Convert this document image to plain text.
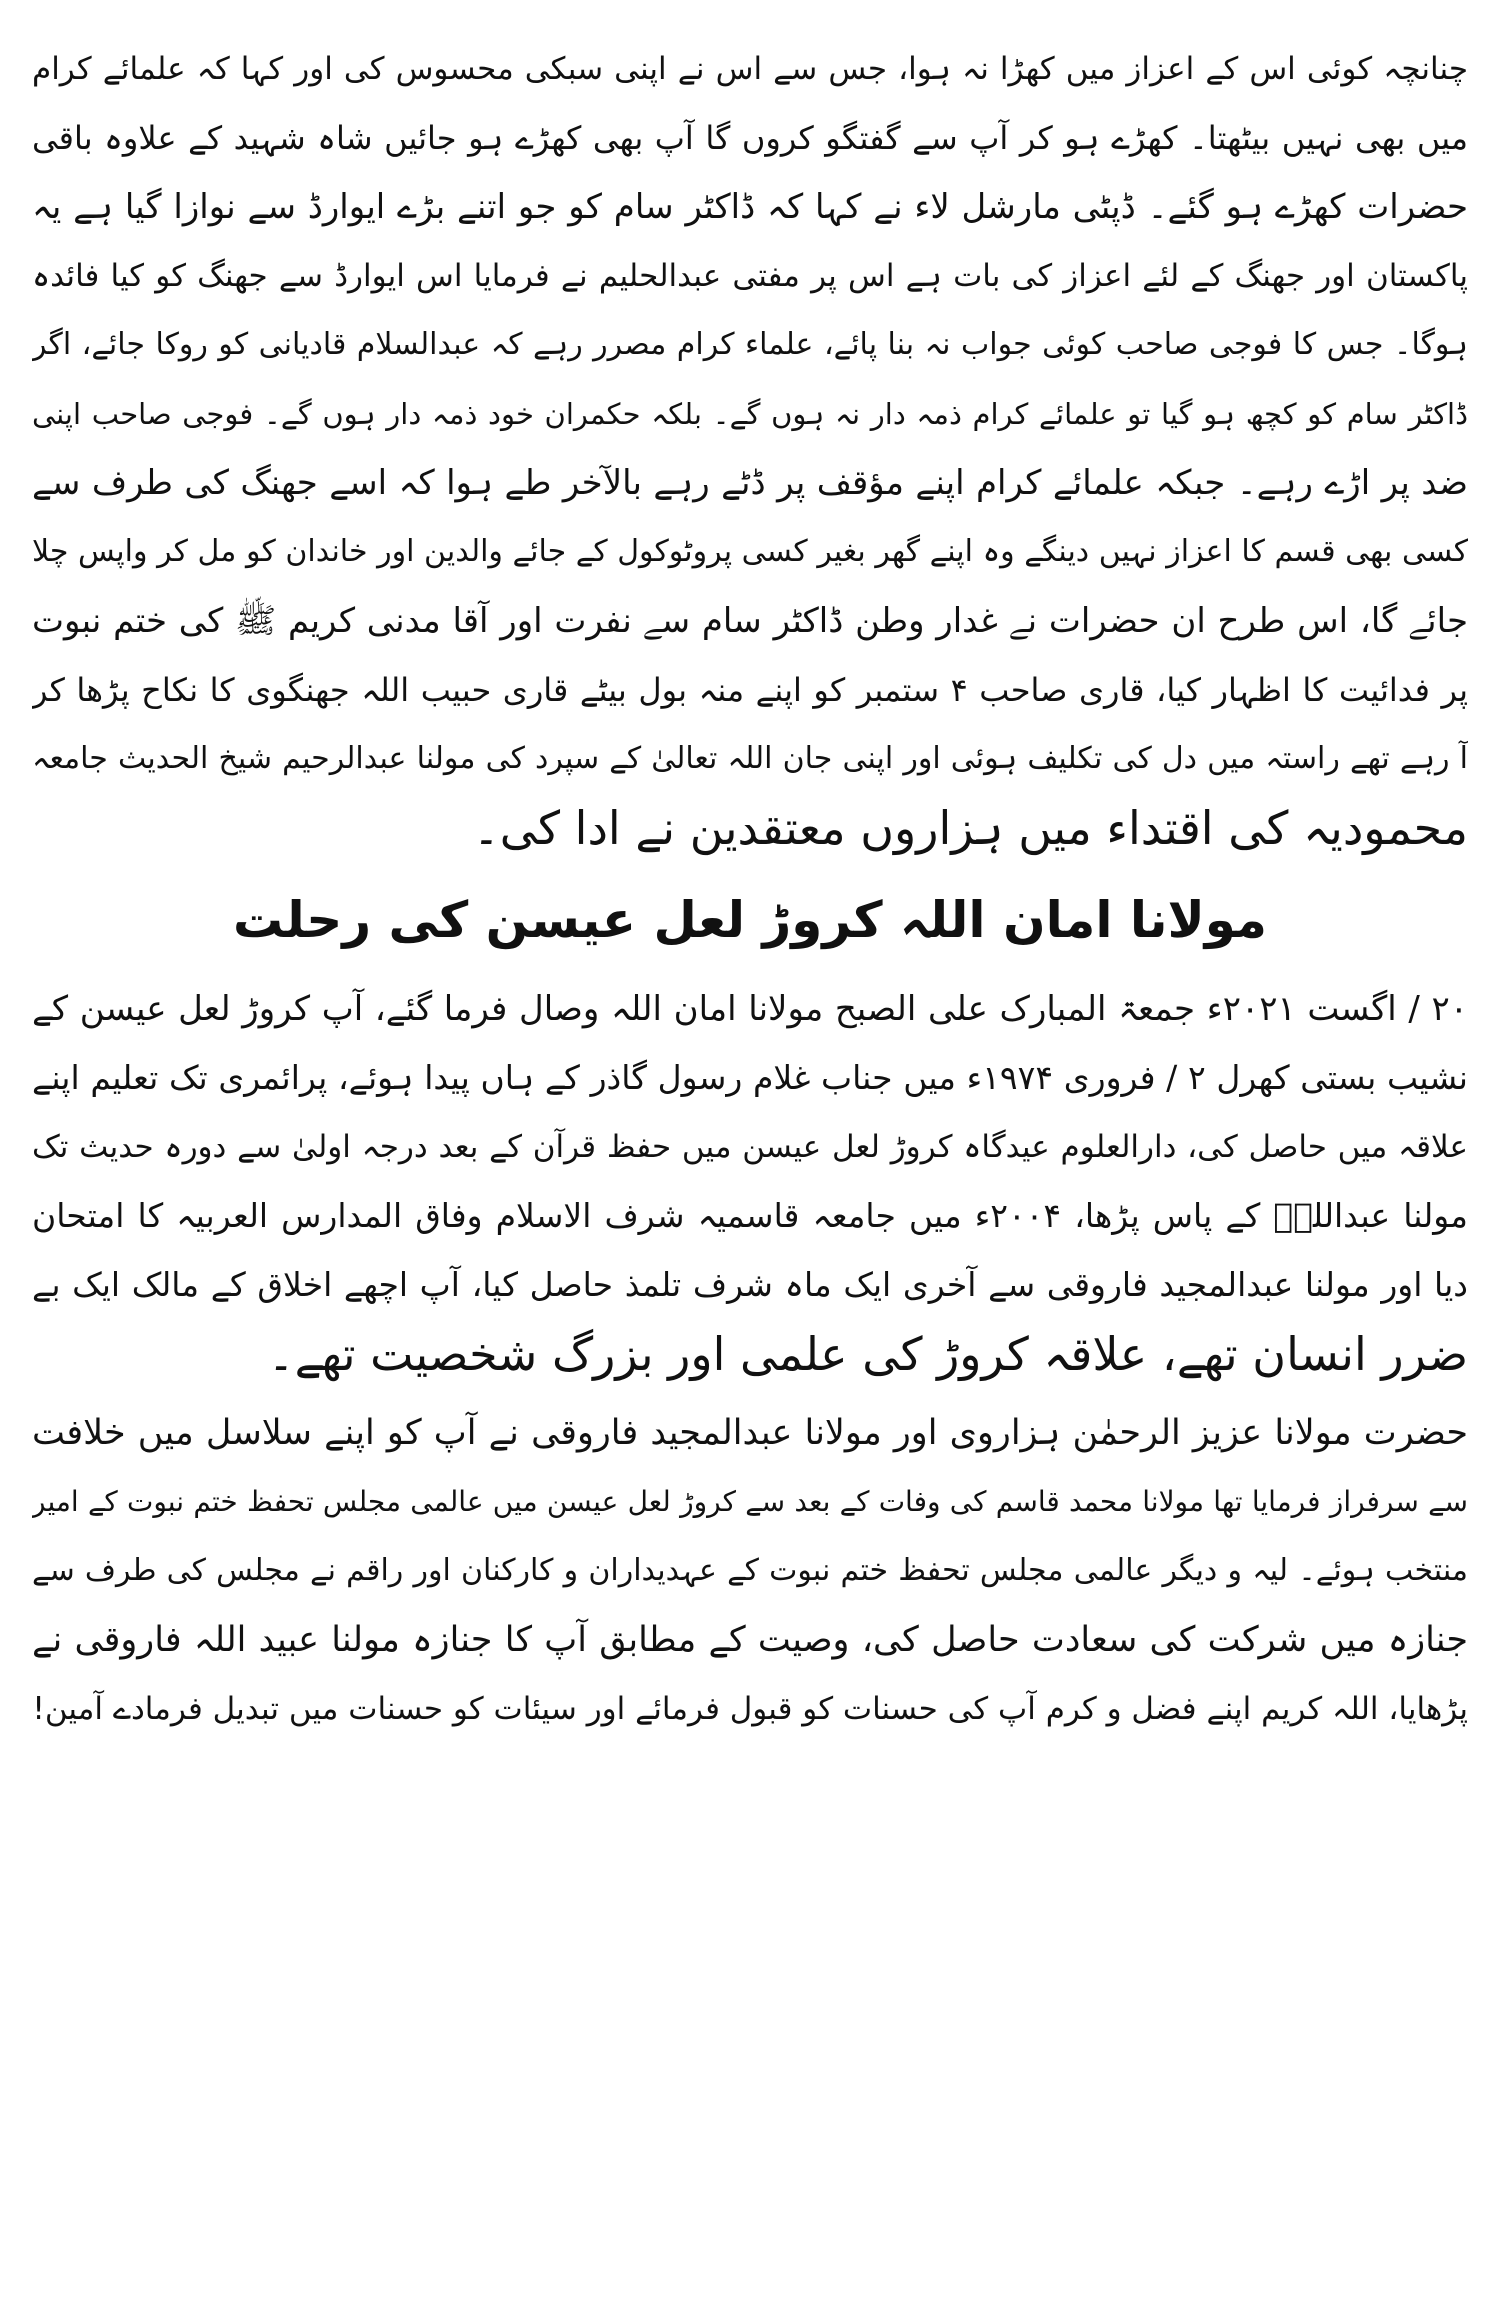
چنانچہ کوئی اس کے اعزاز میں کھڑا نہ ہوا، جس سے اس نے اپنی سبکی محسوس کی اور کہا کہ علمائے کرام
میں بھی نہیں بیٹھتا۔ کھڑے ہو کر آپ سے گفتگو کروں گا آپ بھی کھڑے ہو جائیں شاہ شہید کے علاوہ باقی
حضرات کھڑے ہو گئے۔ ڈپٹی مارشل لاء نے کہا کہ ڈاکٹر سام کو جو اتنے بڑے ایوارڈ سے نوازا گیا ہے یہ
پاکستان اور جھنگ کے لئے اعزاز کی بات ہے اس پر مفتی عبدالحلیم نے فرمایا اس ایوارڈ سے جھنگ کو کیا فائدہ
ہوگا۔ جس کا فوجی صاحب کوئی جواب نہ بنا پائے، علماء کرام مصرر رہے کہ عبدالسلام قادیانی کو روکا جائے، اگر
ڈاکٹر سام کو کچھ ہو گیا تو علمائے کرام ذمہ دار نہ ہوں گے۔ بلکہ حکمران خود ذمہ دار ہوں گے۔ فوجی صاحب اپنی
ضد پر اڑے رہے۔ جبکہ علمائے کرام اپنے مؤقف پر ڈٹے رہے بالآخر طے ہوا کہ اسے جھنگ کی طرف سے
کسی بھی قسم کا اعزاز نہیں دینگے وہ اپنے گھر بغیر کسی پروٹوکول کے جائے والدین اور خاندان کو مل کر واپس چلا
جائے گا، اس طرح ان حضرات نے غدار وطن ڈاکٹر سام سے نفرت اور آقا مدنی کریم ﷺ کی ختم نبوت
پر فدائیت کا اظہار کیا، قاری صاحب ۴ ستمبر کو اپنے منہ بول بیٹے قاری حبیب اللہ جھنگوی کا نکاح پڑھا کر
آ رہے تھے راستہ میں دل کی تکلیف ہوئی اور اپنی جان اللہ تعالیٰ کے سپرد کی مولنا عبدالرحیم شیخ الحدیث جامعہ
محمودیہ کی اقتداء میں ہزاروں معتقدین نے ادا کی۔
مولانا امان اللہ کروڑ لعل عیسن کی رحلت
۲۰ / اگست ۲۰۲۱ء جمعۃ المبارک علی الصبح مولانا امان اللہ وصال فرما گئے، آپ کروڑ لعل عیسن کے
نشیب بستی کھرل ۲ / فروری ۱۹۷۴ء میں جناب غلام رسول گاذر کے ہاں پیدا ہوئے، پرائمری تک تعلیم اپنے
علاقہ میں حاصل کی، دارالعلوم عیدگاہ کروڑ لعل عیسن میں حفظ قرآن کے بعد درجہ اولیٰ سے دورہ حدیث تک
مولنا عبداللہؒ کے پاس پڑھا، ۲۰۰۴ء میں جامعہ قاسمیہ شرف الاسلام وفاق المدارس العربیہ کا امتحان
دیا اور مولنا عبدالمجید فاروقی سے آخری ایک ماہ شرف تلمذ حاصل کیا، آپ اچھے اخلاق کے مالک ایک بے
ضرر انسان تھے، علاقہ کروڑ کی علمی اور بزرگ شخصیت تھے۔
حضرت مولانا عزیز الرحمٰن ہزاروی اور مولانا عبدالمجید فاروقی نے آپ کو اپنے سلاسل میں خلافت
سے سرفراز فرمایا تھا مولانا محمد قاسم کی وفات کے بعد سے کروڑ لعل عیسن میں عالمی مجلس تحفظ ختم نبوت کے امیر
منتخب ہوئے۔ لیہ و دیگر عالمی مجلس تحفظ ختم نبوت کے عہدیداران و کارکنان اور راقم نے مجلس کی طرف سے
جنازہ میں شرکت کی سعادت حاصل کی، وصیت کے مطابق آپ کا جنازہ مولنا عبید اللہ فاروقی نے
پڑھایا، اللہ کریم اپنے فضل و کرم آپ کی حسنات کو قبول فرمائے اور سیئات کو حسنات میں تبدیل فرمادے آمین!
